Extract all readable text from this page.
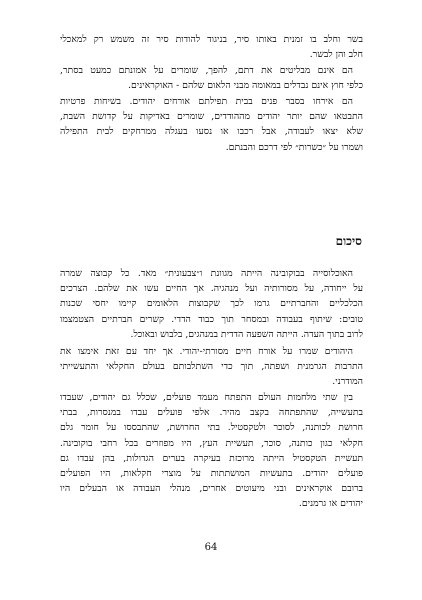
בשר וחלב בו זמנית באותו סיר, בניגוד להודות סיר זה משמש רק למאכלי
חלב והן לבשר.
הם אינם מבליטים את דתם, להפך, שומרים על אמונתם כמעט בסתר,
כלפי חוץ אינם נבדלים במאומה מבני הלאום שלהם - האוקראינים.
הם אירחו בסבר פנים בבית תפילתם אורחים יהודים. בשיחות פרטיות
התבטאו שהם יותר יהודים מההודדים, שומרים באדיקות על קדושת השבת,
שלא יצאו לעבודה, אבל רכבו או נסעו בעגלה ממרחקים לבית התפילה
ושמרו על ״כשרות״ לפי דרכם והבנתם.
סיכום
האוכלוסייה בבוקובינה הייתה מגוונת ו״צבעונית״ מאד. כל קבוצה שמרה
על ייחודה, על מסורותיה ועל מנהגיה. אך החיים עשו את שלהם. הצרכים
הכלכליים והחברתיים גרמו לכך שקבוצות הלאומים קיימו יחסי שכנות
טובים: שיתוף בעבודה ובמסחר תוך כבוד הדדי. קשרים חברתיים הצטמצמו
לרוב בתוך העדה. הייתה השפעה הדדית במנהגים, בלבוש ובאוכל.
היהודים שמרו על אורח חיים מסורתי-יהודי. אך יחד עם זאת אימצו את
התרבות הגרמנית ושפתה, תוך כדי השתלבותם בעולם החקלאי והתעשייתי
המודרני.
בין שתי מלחמות העולם התפתח מעמד פועלים, שכלל גם יהודים, שעבדו
בתעשייה, שהתפתחה בקצב מהיר. אלפי פועלים עבדו במנסרות, בבתי
חרושת לכותנה, לסוכר ולטקסטיל. בתי החרושת, שהתבססו על חומר גלם
חקלאי כגון כותנה, סוכר, תעשיית העץ, היו מפוזרים בכל רחבי בוקובינה.
תעשיית הטקסטיל הייתה מרוכזת בעיקרה בערים הגדולות, בהן עבדו גם
פועלים יהודים. בתעשיות המושתתות על מוצרי חקלאות, היו הפועלים
ברובם אוקראינים ובני מיעוטים אחרים, מנהלי העבודה או הבעלים היו
יהודים או גרמנים.
64
